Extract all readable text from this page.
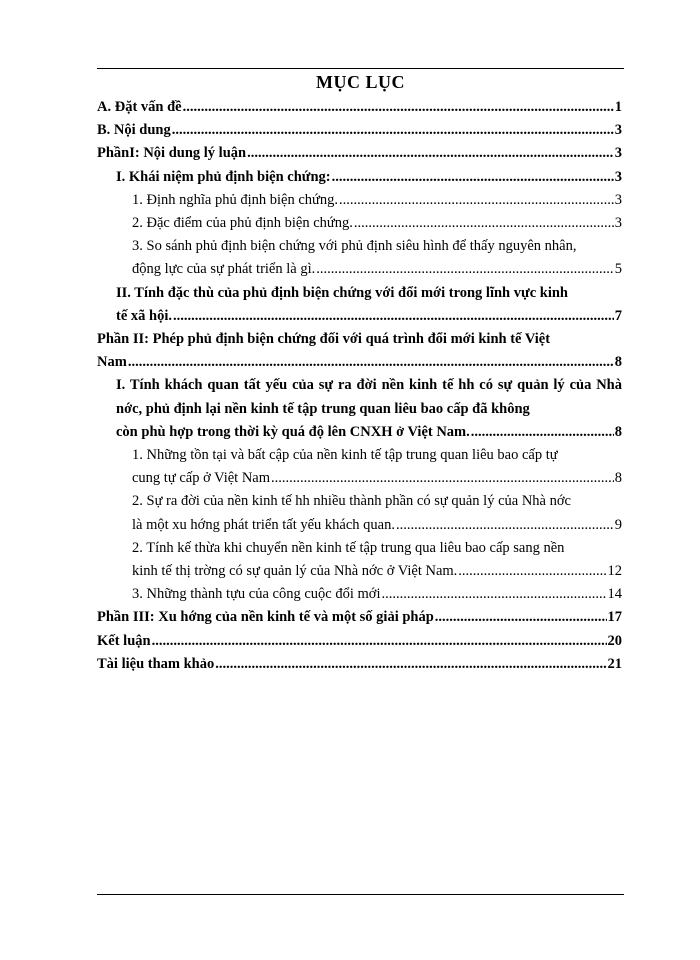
MỤC LỤC
A. Đặt vấn đề .....	1
B. Nội dung .....	3
PhầnI: Nội dung lý luận .....	3
I. Khái niệm phủ định biện chứng: .....	3
1. Định nghĩa phủ định biện chứng. .....	3
2. Đặc điểm của phủ định biện chứng. .....	3
3. So sánh phủ định biện chứng với phủ định siêu hình để thấy nguyên nhân,
động lực của sự phát triển là gì. .....	5
II. Tính đặc thù của phủ định biện chứng với đổi mới trong lĩnh vực kinh
tế xã hội. .....	7
Phần II: Phép phủ định biện chứng đối với quá trình đổi mới kinh tế Việt
Nam .....	8
I. Tính khách quan tất yếu của sự ra đời nền kinh tế hh có sự quản lý của Nhà nớc, phủ định lại nền kinh tế tập trung quan liêu bao cấp đã không
còn phù hợp trong thời kỳ quá độ lên CNXH ở Việt Nam. .....	8
1. Những tồn tại và bất cập của nền kinh tế tập trung quan liêu bao cấp tự
cung tự cấp ở Việt Nam .....	8
2. Sự ra đời của nền kinh tế hh nhiều thành phần có sự quản lý của Nhà nớc
là một xu hớng phát triển tất yếu khách quan. .....	9
2. Tính kế thừa khi chuyển nền kinh tế tập trung qua liêu bao cấp sang nền
kinh tế thị trờng có sự quản lý của Nhà nớc ở Việt Nam. .....	12
3. Những thành tựu của công cuộc đổi mới .....	14
Phần III: Xu hớng của nền kinh tế và một số giải pháp .....	17
Kết luận .....	20
Tài liệu tham khảo .....	21
